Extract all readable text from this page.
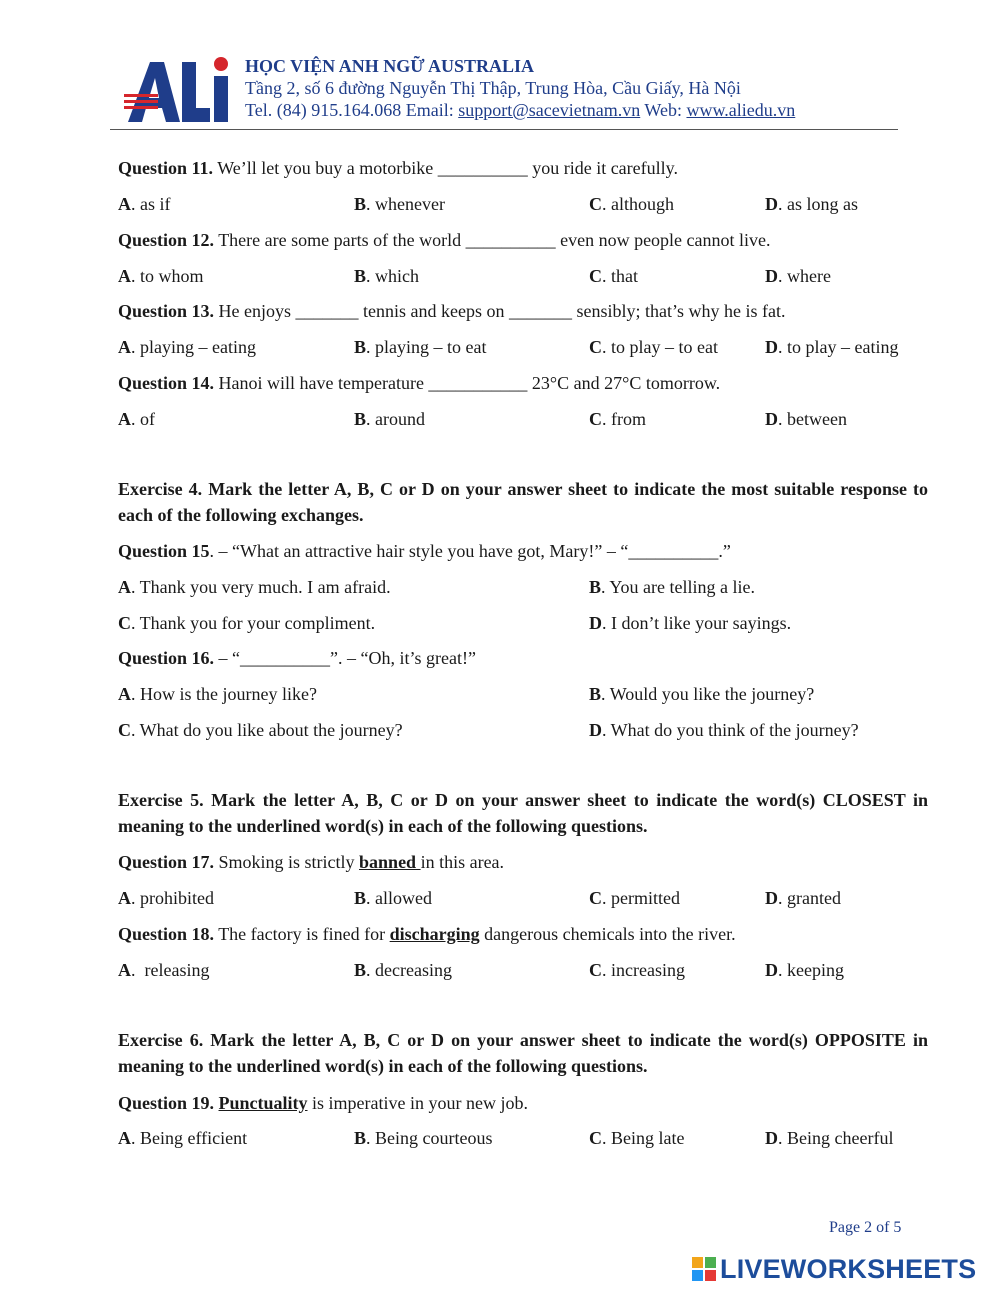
HỌC VIỆN ANH NGỮ AUSTRALIA
Tầng 2, số 6 đường Nguyễn Thị Thập, Trung Hòa, Cầu Giấy, Hà Nội
Tel. (84) 915.164.068 Email: support@sacevietnam.vn Web: www.aliedu.vn
Question 11. We’ll let you buy a motorbike __________ you ride it carefully.
A. as if	B. whenever	C. although	D. as long as
Question 12. There are some parts of the world __________ even now people cannot live.
A. to whom	B. which	C. that	D. where
Question 13. He enjoys _______ tennis and keeps on _______ sensibly; that’s why he is fat.
A. playing – eating	B. playing – to eat	C. to play – to eat	D. to play – eating
Question 14. Hanoi will have temperature ___________ 23°C and 27°C tomorrow.
A. of	B. around	C. from	D. between
Exercise 4. Mark the letter A, B, C or D on your answer sheet to indicate the most suitable response to each of the following exchanges.
Question 15. – “What an attractive hair style you have got, Mary!” – “__________.”
A. Thank you very much. I am afraid.	B. You are telling a lie.
C. Thank you for your compliment.	D. I don’t like your sayings.
Question 16. – “__________”. – “Oh, it’s great!”
A. How is the journey like?	B. Would you like the journey?
C. What do you like about the journey?	D. What do you think of the journey?
Exercise 5. Mark the letter A, B, C or D on your answer sheet to indicate the word(s) CLOSEST in meaning to the underlined word(s) in each of the following questions.
Question 17. Smoking is strictly banned in this area.
A. prohibited	B. allowed	C. permitted	D. granted
Question 18. The factory is fined for discharging dangerous chemicals into the river.
A.  releasing	B. decreasing	C. increasing	D. keeping
Exercise 6. Mark the letter A, B, C or D on your answer sheet to indicate the word(s) OPPOSITE in meaning to the underlined word(s) in each of the following questions.
Question 19. Punctuality is imperative in your new job.
A. Being efficient	B. Being courteous	C. Being late	D. Being cheerful
Page 2 of 5
LIVEWORKSHEETS
